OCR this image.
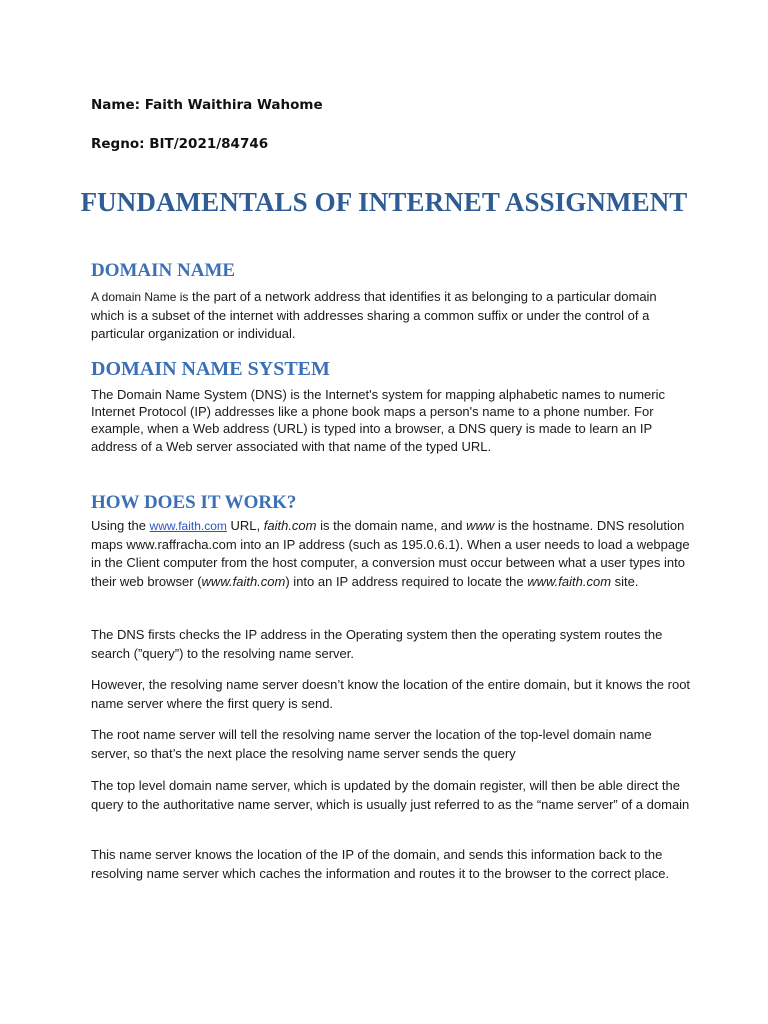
Name: Faith Waithira Wahome
Regno: BIT/2021/84746
FUNDAMENTALS OF INTERNET ASSIGNMENT
DOMAIN NAME

A domain Name is the part of a network address that identifies it as belonging to a particular domain which is a subset of the internet with addresses sharing a common suffix or under the control of a particular organization or individual.

DOMAIN NAME SYSTEM

The Domain Name System (DNS) is the Internet's system for mapping alphabetic names to numeric Internet Protocol (IP) addresses like a phone book maps a person's name to a phone number. For example, when a Web address (URL) is typed into a browser, a DNS query is made to learn an IP address of a Web server associated with that name of the typed URL.

HOW DOES IT WORK?

Using the www.faith.com URL, faith.com is the domain name, and www is the hostname. DNS resolution maps www.raffracha.com into an IP address (such as 195.0.6.1). When a user needs to load a webpage in the Client computer from the host computer, a conversion must occur between what a user types into their web browser (www.faith.com) into an IP address required to locate the www.faith.com site.

The DNS firsts checks the IP address in the Operating system then the operating system routes the search (”query”) to the resolving name server.

However, the resolving name server doesn’t know the location of the entire domain, but it knows the root name server where the first query is send.

The root name server will tell the resolving name server the location of the top-level domain name server, so that’s the next place the resolving name server sends the query

The top level domain name server, which is updated by the domain register, will then be able direct the query to the authoritative name server, which is usually just referred to as the “name server” of a domain

This name server knows the location of the IP of the domain, and sends this information back to the resolving name server which caches the information and routes it to the browser to the correct place.
